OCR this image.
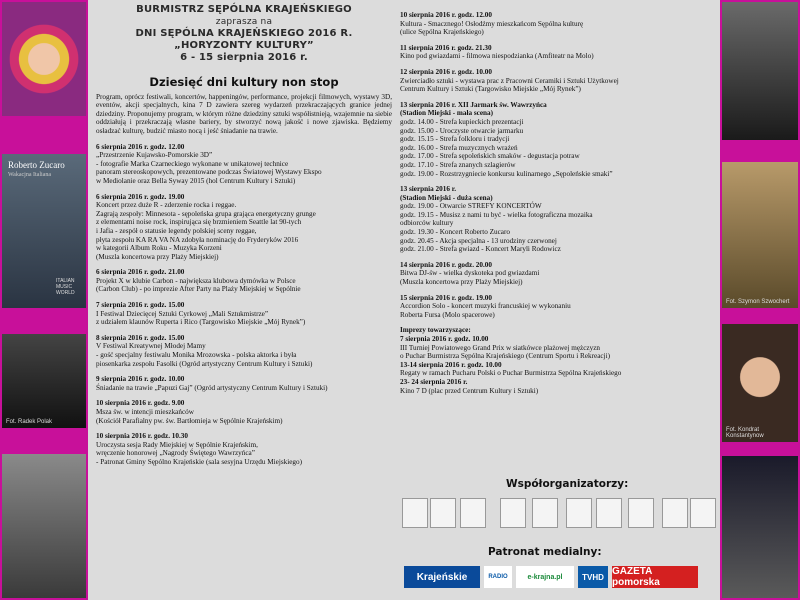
Roberto Zucaro
Wakacjna Italiana
ITALIAN MUSIC WORLD
Fot. Radek Polak
Fot. Szymon Szwochert
Fot. Kondrat Konstantynow
BURMISTRZ SĘPÓLNA KRAJEŃSKIEGO
zaprasza na
DNI SĘPÓLNA KRAJEŃSKIEGO 2016 R.
„HORYZONTY KULTURY”
6 - 15 sierpnia 2016 r.
Dziesięć dni kultury non stop
Program, oprócz festiwali, koncertów, happeningów, performance, projekcji filmowych, wystawy 3D, eventów, akcji specjalnych, kina 7 D zawiera szereg wydarzeń przekraczających granice jednej dziedziny. Proponujemy program, w którym różne dziedziny sztuki współistnieją, wzajemnie na siebie oddziałują i przekraczają własne bariery, by stworzyć nową jakość i nowe zjawiska. Będziemy osładzać kulturę, budzić miasto nocą i jeść śniadanie na trawie.
6 sierpnia 2016 r. godz. 12.00
„Przestrzenie Kujawsko-Pomorskie 3D”
- fotografie Marka Czarneckiego wykonane w unikatowej technice
panoram stereoskopowych, prezentowane podczas Światowej Wystawy Ekspo
w Mediolanie oraz Bella Syway 2015 (hol Centrum Kultury i Sztuki)
6 sierpnia 2016 r. godz. 19.00
Koncert przez duże R - zderzenie rocka i reggae.
Zagrają zespoły: Minnesota - sępoleńska grupa grająca energetyczny grunge
z elementami noise rock, inspirująca się brzmieniem Seattle lat 90-tych
i Jafia - zespół o statusie legendy polskiej sceny reggae,
płyta zespołu KA RA VA NA zdobyła nominację do Fryderyków 2016
w kategorii Album Roku - Muzyka Korzeni
(Muszla koncertowa przy Plaży Miejskiej)
6 sierpnia 2016 r. godz. 21.00
Projekt X w klubie Carbon - największa klubowa dymówka w Polsce
(Carbon Club) - po imprezie After Party na Plaży Miejskiej w Sępólnie
7 sierpnia 2016 r. godz. 15.00
I Festiwal Dziecięcej Sztuki Cyrkowej „Mali Sztukmistrze”
z udziałem klaunów Ruperta i Rico (Targowisko Miejskie „Mój Rynek”)
8 sierpnia 2016 r. godz. 15.00
V Festiwal Kreatywnej Młodej Mamy
- gość specjalny festiwalu Monika Mrozowska - polska aktorka i była
piosenkarka zespołu Fasolki (Ogród artystyczny Centrum Kultury i Sztuki)
9 sierpnia 2016 r. godz. 10.00
Śniadanie na trawie „Papuzi Gaj” (Ogród artystyczny Centrum Kultury i Sztuki)
10 sierpnia 2016 r. godz. 9.00
Msza św. w intencji mieszkańców
(Kościół Parafialny pw. św. Bartłomieja w Sępólnie Krajeńskim)
10 sierpnia 2016 r. godz. 10.30
Uroczysta sesja Rady Miejskiej w Sępólnie Krajeńskim,
wręczenie honorowej „Nagrody Świętego Wawrzyńca”
- Patronat Gminy Sępólno Krajeńskie (sala sesyjna Urzędu Miejskiego)
10 sierpnia 2016 r. godz. 12.00
Kultura - Smacznego! Osłodźmy mieszkańcom Sępólna kulturę
(ulice Sępólna Krajeńskiego)
11 sierpnia 2016 r. godz. 21.30
Kino pod gwiazdami - filmowa niespodzianka (Amfiteatr na Molo)
12 sierpnia 2016 r. godz. 10.00
Zwierciadło sztuki - wystawa prac z Pracowni Ceramiki i Sztuki Użytkowej
Centrum Kultury i Sztuki (Targowisko Miejskie „Mój Rynek”)
13 sierpnia 2016 r. XII Jarmark św. Wawrzyńca
(Stadion Miejski - mała scena)
godz. 14.00 - Strefa kupieckich prezentacji
godz. 15.00 - Uroczyste otwarcie jarmarku
godz. 15.15 - Strefa folkloru i tradycji
godz. 16.00 - Strefa muzycznych wrażeń
godz. 17.00 - Strefa sępoleńskich smaków - degustacja potraw
godz. 17.10 - Strefa znanych szlagierów
godz. 19.00 - Rozstrzygniecie konkursu kulinarnego „Sępoleńskie smaki”
13 sierpnia 2016 r.
(Stadion Miejski - duża scena)
godz. 19.00 - Otwarcie STREFY KONCERTÓW
godz. 19.15 - Musisz z nami tu być - wielka fotograficzna mozaika
odbiorców kultury
godz. 19.30 - Koncert Roberto Zucaro
godz. 20.45 - Akcja specjalna - 13 urodziny czerwonej
godz. 21.00 - Strefa gwiazd - Koncert Maryli Rodowicz
14 sierpnia 2016 r. godz. 20.00
Bitwa DJ-św - wielka dyskoteka pod gwiazdami
(Muszla koncertowa przy Plaży Miejskiej)
15 sierpnia 2016 r. godz. 19.00
Accordion Solo - koncert muzyki francuskiej w wykonaniu
Roberta Fursa (Molo spacerowe)
Imprezy towarzyszące:
7 sierpnia 2016 r. godz. 10.00
III Turniej Powiatowego Grand Prix w siatkówce plażowej mężczyzn
o Puchar Burmistrza Sępólna Krajeńskiego (Centrum Sportu i Rekreacji)
13-14 sierpnia 2016 r. godz. 10.00
Regaty w ramach Pucharu Polski o Puchar Burmistrza Sępólna Krajeńskiego
23- 24 sierpnia 2016 r.
Kino 7 D (plac przed Centrum Kultury i Sztuki)
Współorganizatorzy:
Patronat medialny:
Krajeńskie	RADIO	e-krajna.pl	TVHD GAZETA pomorska
